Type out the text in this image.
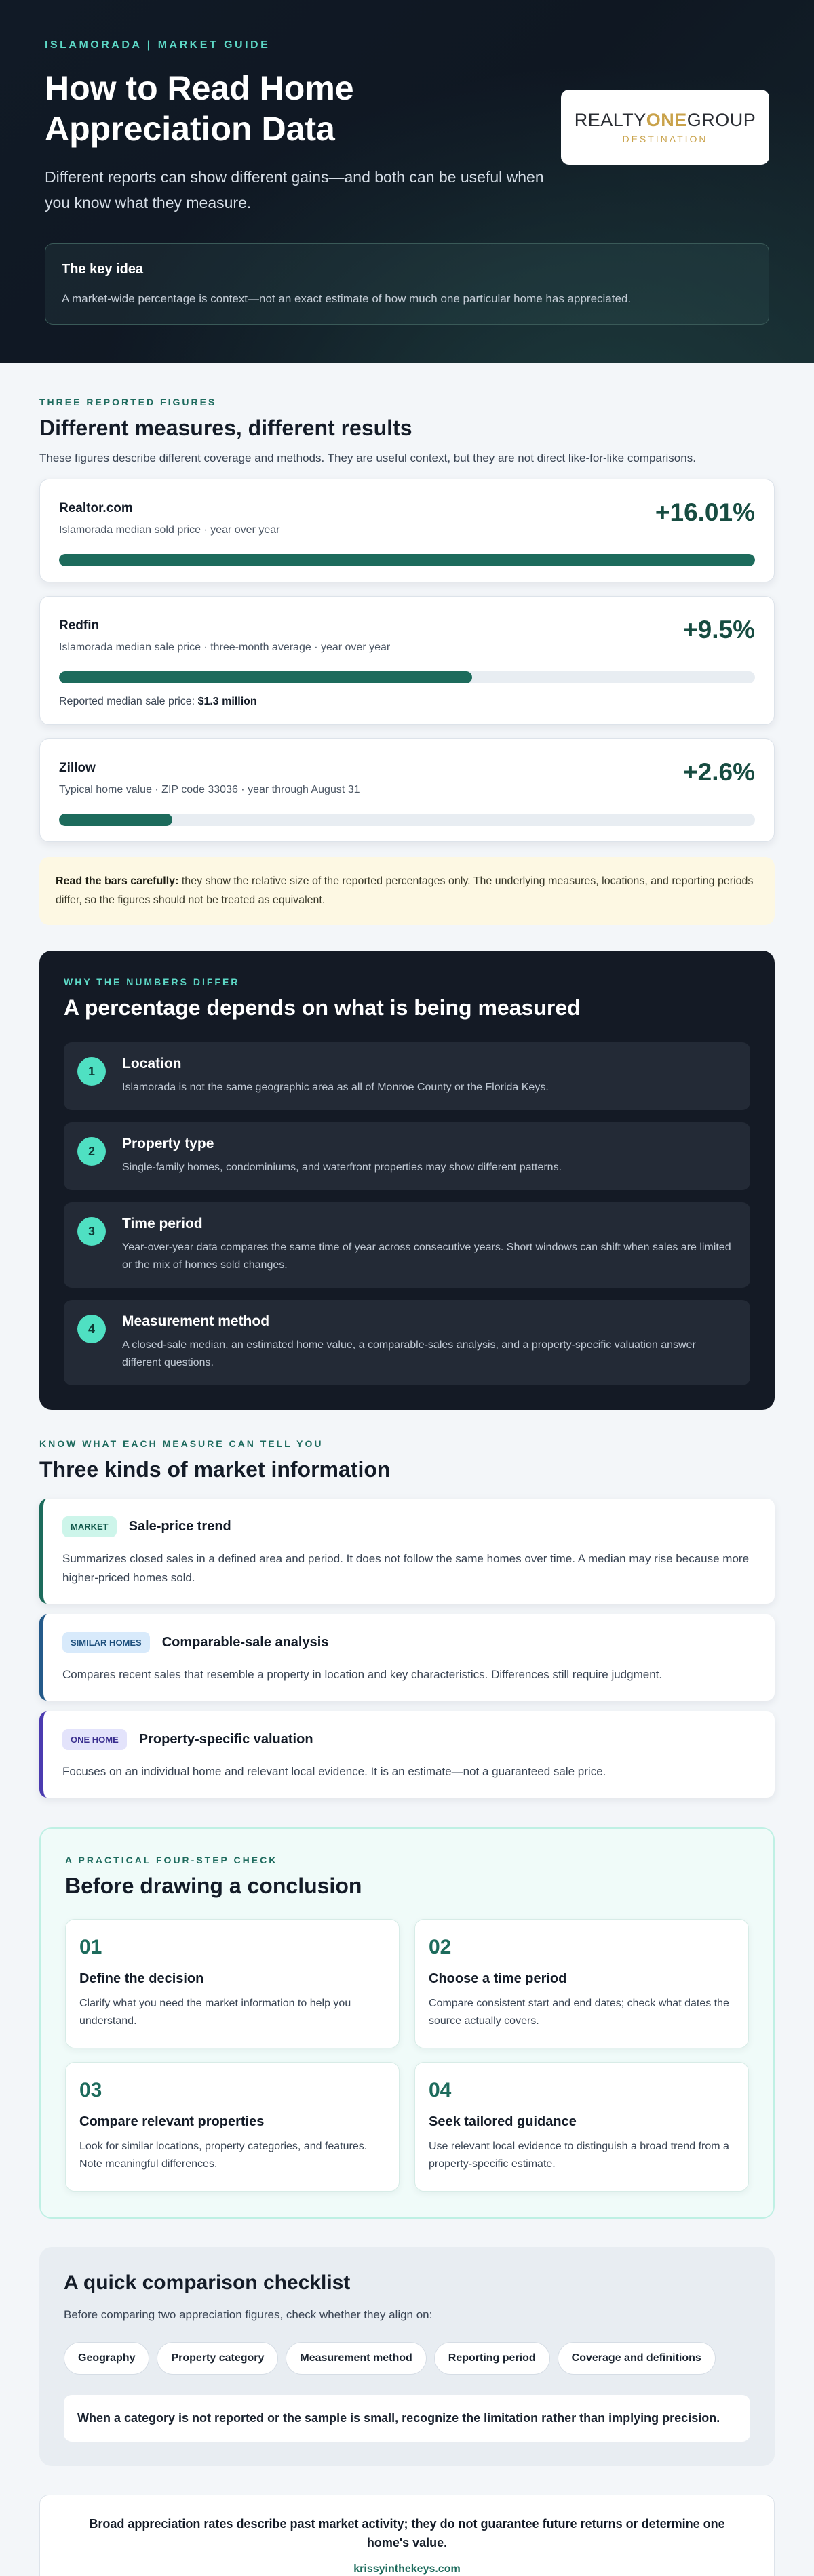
ISLAMORADA | MARKET GUIDE
How to Read Home Appreciation Data

Different reports can show different gains—and both can be useful when you know what they measure.

REALTYONEGROUP
DESTINATION
The key idea
A market-wide percentage is context—not an exact estimate of how much one particular home has appreciated.
THREE REPORTED FIGURES
Different measures, different results

These figures describe different coverage and methods. They are useful context, but they are not direct like-for-like comparisons.

Realtor.com
Islamorada median sold price · year over year
+16.01%
Redfin
Islamorada median sale price · three-month average · year over year
+9.5%
Reported median sale price: $1.3 million
Zillow
Typical home value · ZIP code 33036 · year through August 31
+2.6%
Read the bars carefully: they show the relative size of the reported percentages only. The underlying measures, locations, and reporting periods differ, so the figures should not be treated as equivalent.
WHY THE NUMBERS DIFFER
A percentage depends on what is being measured
1	Location
Islamorada is not the same geographic area as all of Monroe County or the Florida Keys.
2	Property type
Single-family homes, condominiums, and waterfront properties may show different patterns.
3	Time period
Year-over-year data compares the same time of year across consecutive years. Short windows can shift when sales are limited or the mix of homes sold changes.
4	Measurement method
A closed-sale median, an estimated home value, a comparable-sales analysis, and a property-specific valuation answer different questions.
KNOW WHAT EACH MEASURE CAN TELL YOU
Three kinds of market information
MARKET	Sale-price trend
Summarizes closed sales in a defined area and period. It does not follow the same homes over time. A median may rise because more higher-priced homes sold.
SIMILAR HOMES	Comparable-sale analysis
Compares recent sales that resemble a property in location and key characteristics. Differences still require judgment.
ONE HOME	Property-specific valuation
Focuses on an individual home and relevant local evidence. It is an estimate—not a guaranteed sale price.
A PRACTICAL FOUR-STEP CHECK
Before drawing a conclusion
01
Define the decision
Clarify what you need the market information to help you understand.
02
Choose a time period
Compare consistent start and end dates; check what dates the source actually covers.
03
Compare relevant properties
Look for similar locations, property categories, and features. Note meaningful differences.
04
Seek tailored guidance
Use relevant local evidence to distinguish a broad trend from a property-specific estimate.
A quick comparison checklist

Before comparing two appreciation figures, check whether they align on:

Geography	Property category	Measurement method	Reporting period	Coverage and definitions
When a category is not reported or the sample is small, recognize the limitation rather than implying precision.
Broad appreciation rates describe past market activity; they do not guarantee future returns or determine one home's value.
krissyinthekeys.com
